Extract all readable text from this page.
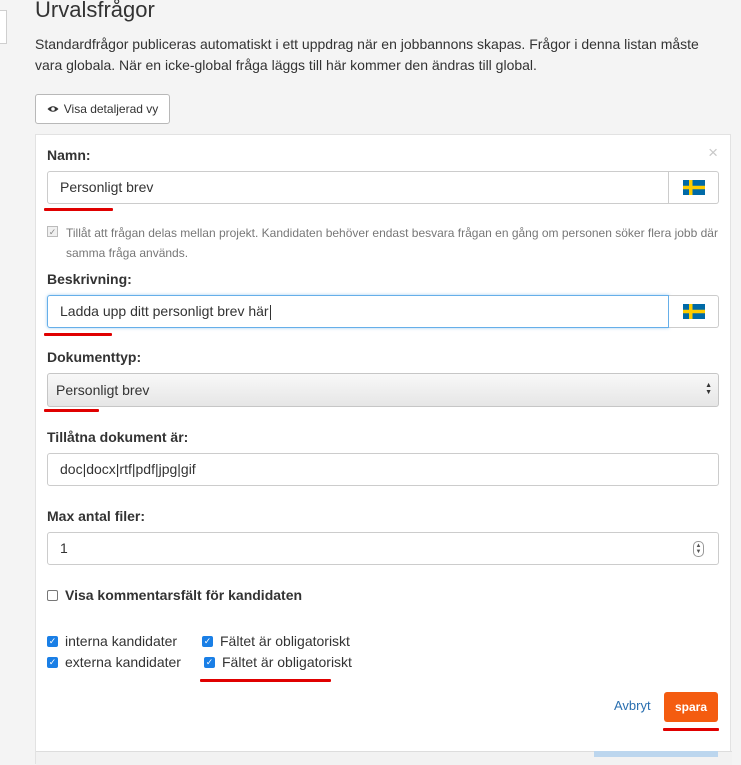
Urvalsfrågor
Standardfrågor publiceras automatiskt i ett uppdrag när en jobbannons skapas. Frågor i denna listan måste vara globala. När en icke-global fråga läggs till här kommer den ändras till global.
Visa detaljerad vy
×
Namn:
Personligt brev
✓ Tillåt att frågan delas mellan projekt. Kandidaten behöver endast besvara frågan en gång om personen söker flera jobb där samma fråga används.
Beskrivning:
Ladda upp ditt personligt brev här
Dokumenttyp:
Personligt brev	▲
▼
Tillåtna dokument är:
doc|docx|rtf|pdf|jpg|gif
Max antal filer:
1	▲
▼
Visa kommentarsfält för kandidaten
✓ interna kandidater	✓ Fältet är obligatoriskt
✓ externa kandidater	✓ Fältet är obligatoriskt
Avbryt	spara
